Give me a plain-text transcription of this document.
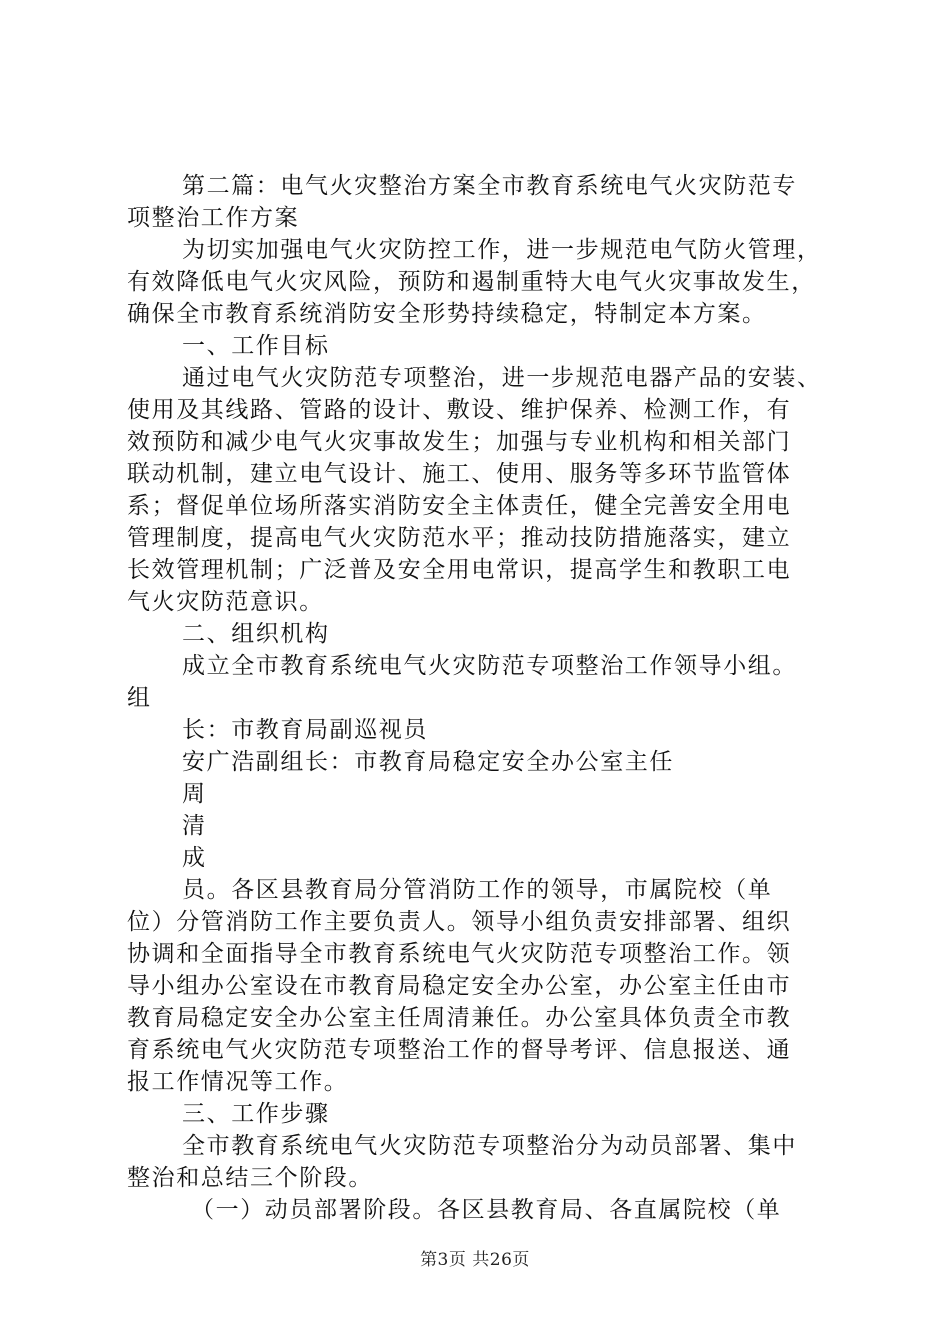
第二篇：电气火灾整治方案全市教育系统电气火灾防范专
项整治工作方案
为切实加强电气火灾防控工作，进一步规范电气防火管理，
有效降低电气火灾风险，预防和遏制重特大电气火灾事故发生，
确保全市教育系统消防安全形势持续稳定，特制定本方案。
一、工作目标
通过电气火灾防范专项整治，进一步规范电器产品的安装、
使用及其线路、管路的设计、敷设、维护保养、检测工作，有
效预防和减少电气火灾事故发生；加强与专业机构和相关部门
联动机制，建立电气设计、施工、使用、服务等多环节监管体
系；督促单位场所落实消防安全主体责任，健全完善安全用电
管理制度，提高电气火灾防范水平；推动技防措施落实，建立
长效管理机制；广泛普及安全用电常识，提高学生和教职工电
气火灾防范意识。
二、组织机构
成立全市教育系统电气火灾防范专项整治工作领导小组。
组
长：市教育局副巡视员
安广浩副组长：市教育局稳定安全办公室主任
周
清
成
员。各区县教育局分管消防工作的领导，市属院校（单
位）分管消防工作主要负责人。领导小组负责安排部署、组织
协调和全面指导全市教育系统电气火灾防范专项整治工作。领
导小组办公室设在市教育局稳定安全办公室，办公室主任由市
教育局稳定安全办公室主任周清兼任。办公室具体负责全市教
育系统电气火灾防范专项整治工作的督导考评、信息报送、通
报工作情况等工作。
三、工作步骤
全市教育系统电气火灾防范专项整治分为动员部署、集中
整治和总结三个阶段。
（一）动员部署阶段。各区县教育局、各直属院校（单
第3页 共26页
